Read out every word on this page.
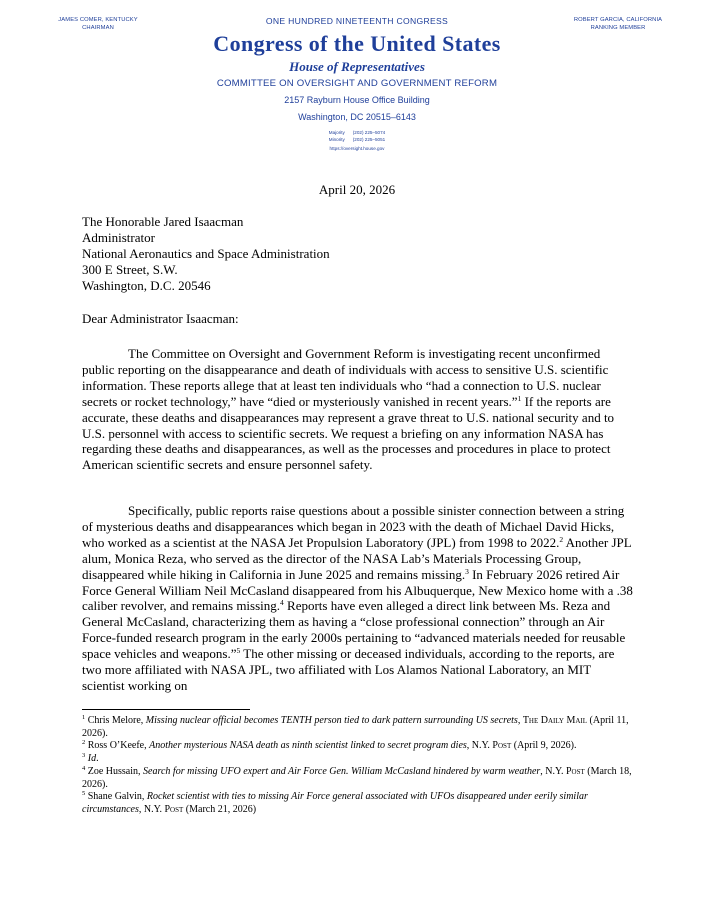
JAMES COMER, KENTUCKY
CHAIRMAN
ROBERT GARCIA, CALIFORNIA
RANKING MEMBER
ONE HUNDRED NINETEENTH CONGRESS
Congress of the United States
House of Representatives
COMMITTEE ON OVERSIGHT AND GOVERNMENT REFORM
2157 Rayburn House Office Building
Washington, DC 20515–6143
Majority (202) 225–5074
Minority (202) 225–5051
https://oversight.house.gov
April 20, 2026
The Honorable Jared Isaacman
Administrator
National Aeronautics and Space Administration
300 E Street, S.W.
Washington, D.C. 20546
Dear Administrator Isaacman:
The Committee on Oversight and Government Reform is investigating recent unconfirmed public reporting on the disappearance and death of individuals with access to sensitive U.S. scientific information. These reports allege that at least ten individuals who “had a connection to U.S. nuclear secrets or rocket technology,” have “died or mysteriously vanished in recent years.”$^1$ If the reports are accurate, these deaths and disappearances may represent a grave threat to U.S. national security and to U.S. personnel with access to scientific secrets. We request a briefing on any information NASA has regarding these deaths and disappearances, as well as the processes and procedures in place to protect American scientific secrets and ensure personnel safety.
Specifically, public reports raise questions about a possible sinister connection between a string of mysterious deaths and disappearances which began in 2023 with the death of Michael David Hicks, who worked as a scientist at the NASA Jet Propulsion Laboratory (JPL) from 1998 to 2022.$^2$ Another JPL alum, Monica Reza, who served as the director of the NASA Lab’s Materials Processing Group, disappeared while hiking in California in June 2025 and remains missing.$^3$ In February 2026 retired Air Force General William Neil McCasland disappeared from his Albuquerque, New Mexico home with a .38 caliber revolver, and remains missing.$^4$ Reports have even alleged a direct link between Ms. Reza and General McCasland, characterizing them as having a “close professional connection” through an Air Force-funded research program in the early 2000s pertaining to “advanced materials needed for reusable space vehicles and weapons.”$^5$ The other missing or deceased individuals, according to the reports, are two more affiliated with NASA JPL, two affiliated with Los Alamos National Laboratory, an MIT scientist working on

$^1$ Chris Melore, Missing nuclear official becomes TENTH person tied to dark pattern surrounding US secrets, The Daily Mail (April 11, 2026).

$^2$ Ross O’Keefe, Another mysterious NASA death as ninth scientist linked to secret program dies, N.Y. Post (April 9, 2026).

$^3$ Id.

$^4$ Zoe Hussain, Search for missing UFO expert and Air Force Gen. William McCasland hindered by warm weather, N.Y. Post (March 18, 2026).

$^5$ Shane Galvin, Rocket scientist with ties to missing Air Force general associated with UFOs disappeared under eerily similar circumstances, N.Y. Post (March 21, 2026)
